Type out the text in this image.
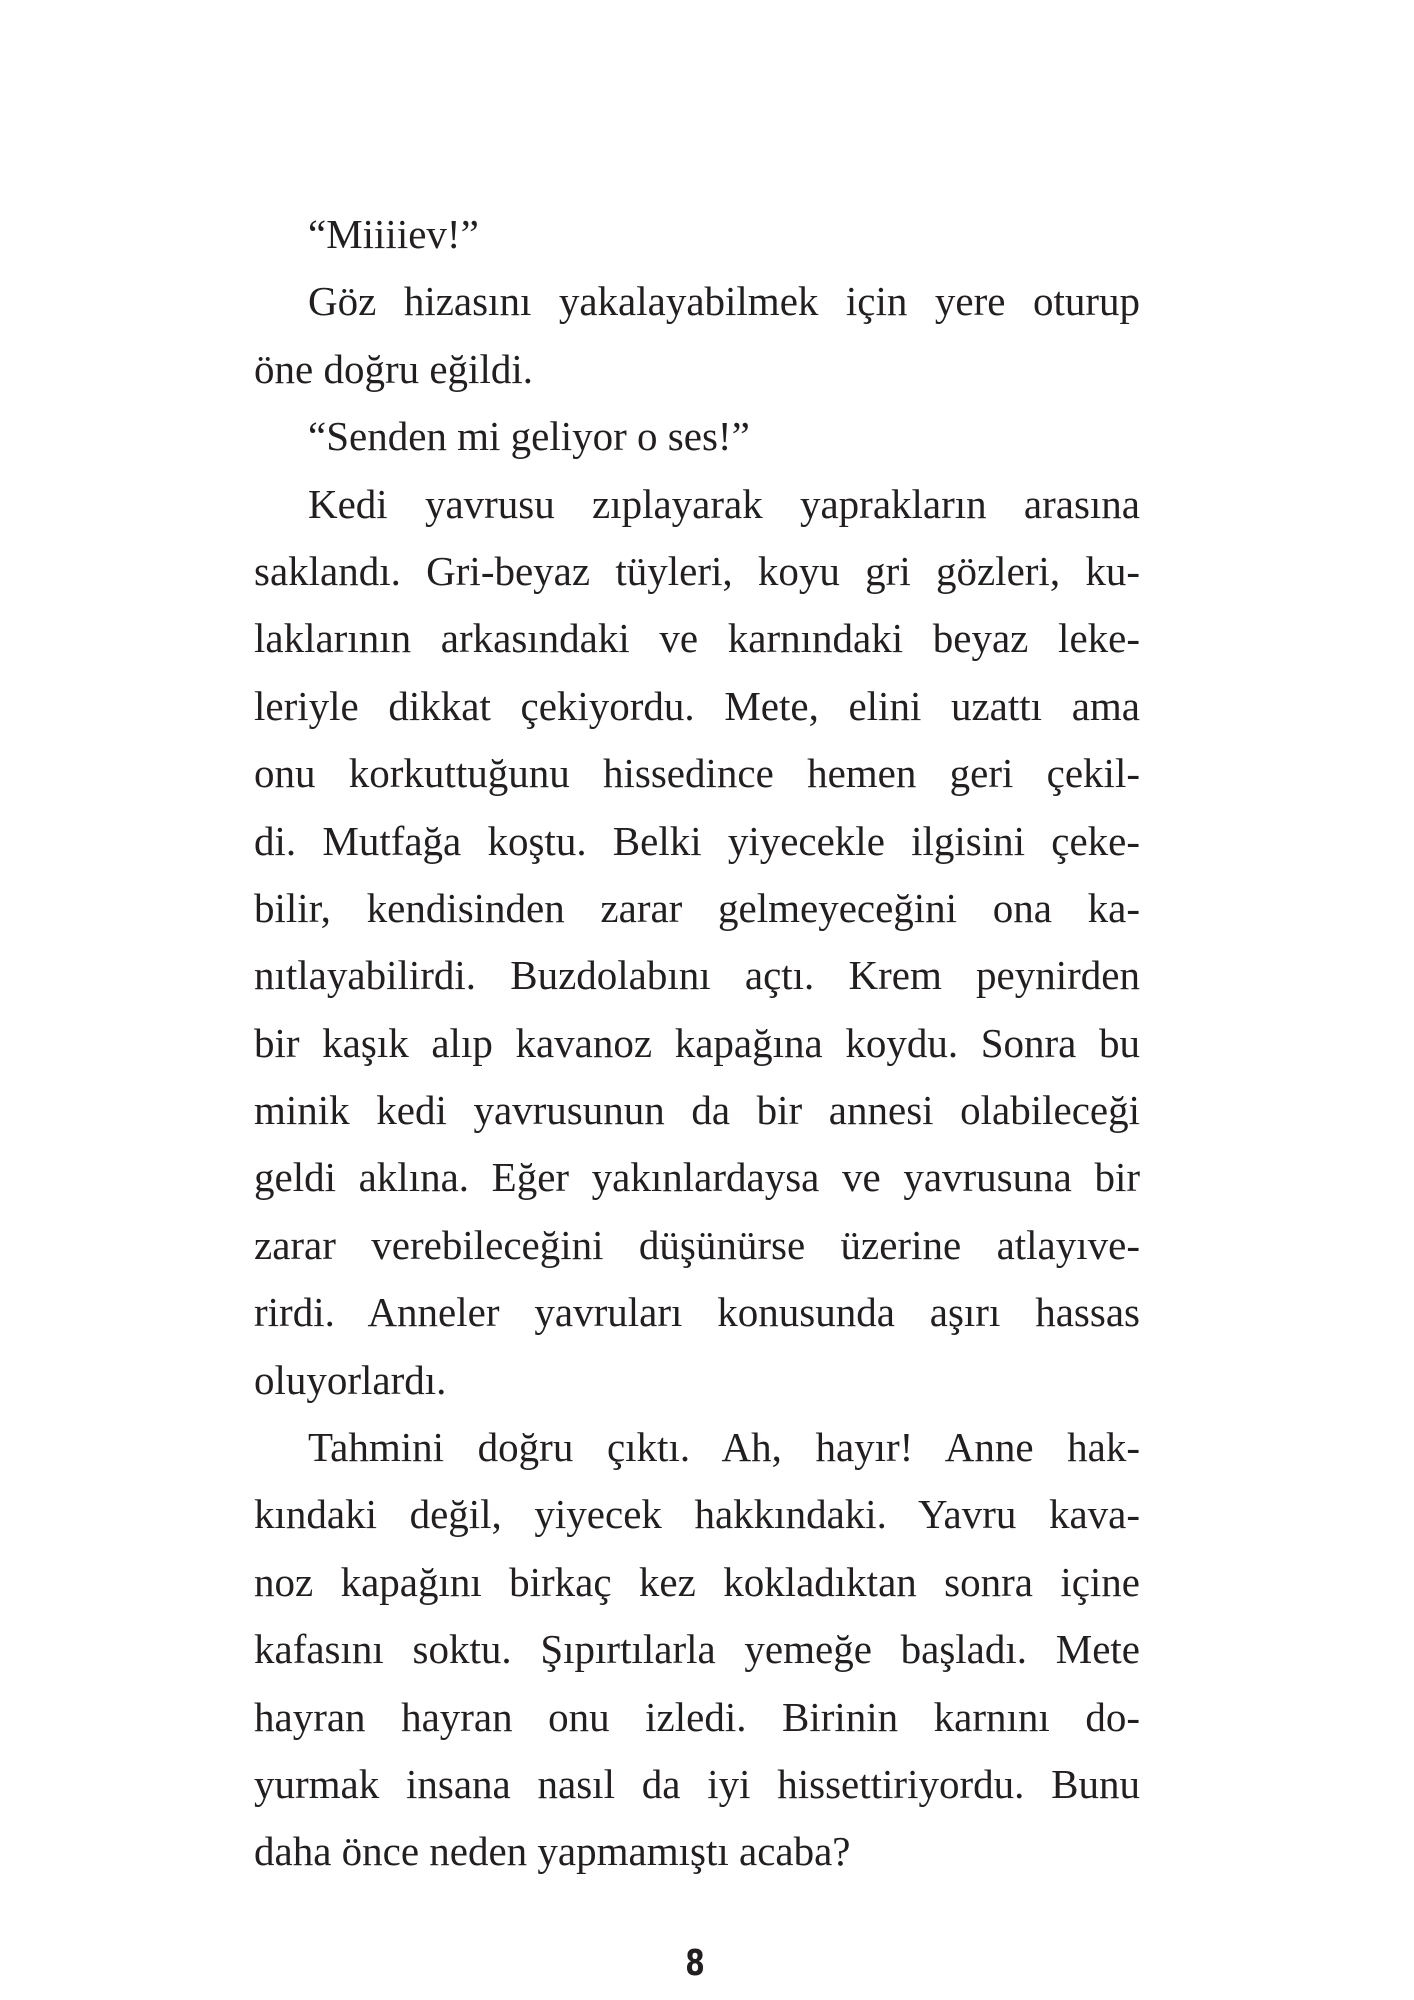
“Miiiiev!”
Göz hizasını yakalayabilmek için yere oturup
öne doğru eğildi.
“Senden mi geliyor o ses!”
Kedi yavrusu zıplayarak yaprakların arasına
saklandı. Gri-beyaz tüyleri, koyu gri gözleri, ku-
laklarının arkasındaki ve karnındaki beyaz leke-
leriyle dikkat çekiyordu. Mete, elini uzattı ama
onu korkuttuğunu hissedince hemen geri çekil-
di. Mutfağa koştu. Belki yiyecekle ilgisini çeke-
bilir, kendisinden zarar gelmeyeceğini ona ka-
nıtlayabilirdi. Buzdolabını açtı. Krem peynirden
bir kaşık alıp kavanoz kapağına koydu. Sonra bu
minik kedi yavrusunun da bir annesi olabileceği
geldi aklına. Eğer yakınlardaysa ve yavrusuna bir
zarar verebileceğini düşünürse üzerine atlayıve-
rirdi. Anneler yavruları konusunda aşırı hassas
oluyorlardı.
Tahmini doğru çıktı. Ah, hayır! Anne hak-
kındaki değil, yiyecek hakkındaki. Yavru kava-
noz kapağını birkaç kez kokladıktan sonra içine
kafasını soktu. Şıpırtılarla yemeğe başladı. Mete
hayran hayran onu izledi. Birinin karnını do-
yurmak insana nasıl da iyi hissettiriyordu. Bunu
daha önce neden yapmamıştı acaba?
8
